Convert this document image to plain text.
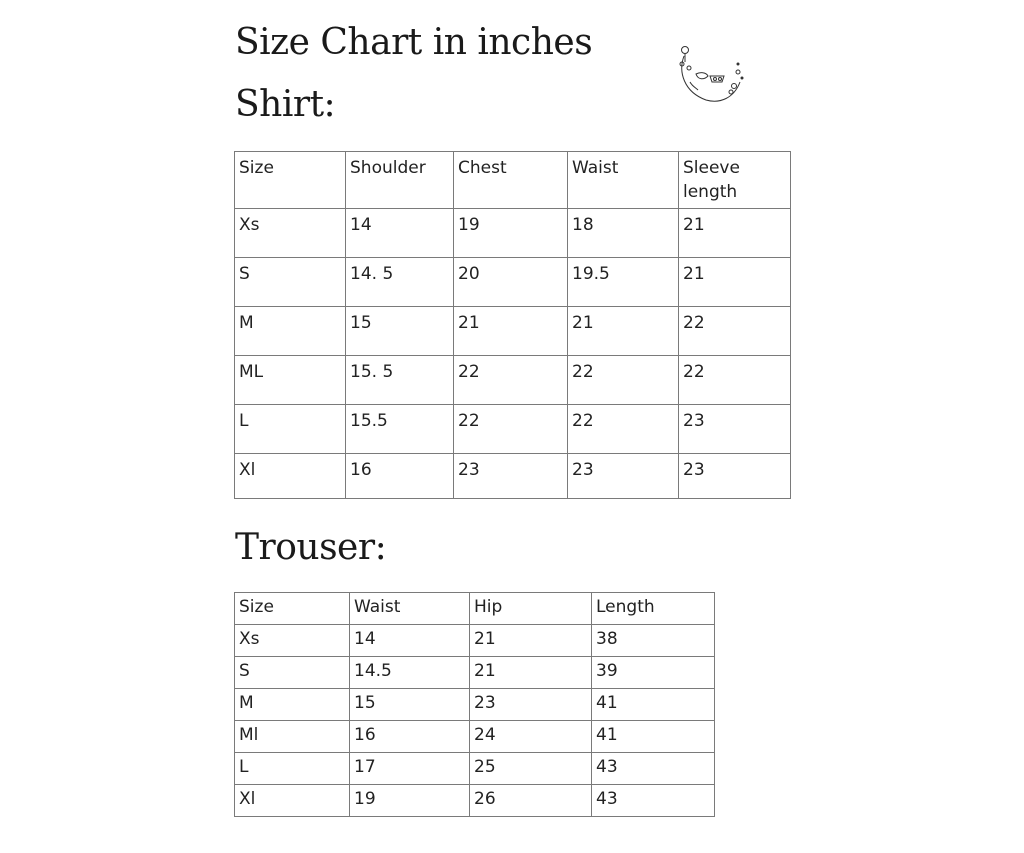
Size Chart in inches
Shirt:
Size	Shoulder	Chest	Waist	Sleeve length
Xs	14	19	18	21
S	14. 5	20	19.5	21
M	15	21	21	22
ML	15. 5	22	22	22
L	15.5	22	22	23
Xl	16	23	23	23
Trouser:
Size	Waist	Hip	Length
Xs	14	21	38
S	14.5	21	39
M	15	23	41
Ml	16	24	41
L	17	25	43
Xl	19	26	43
